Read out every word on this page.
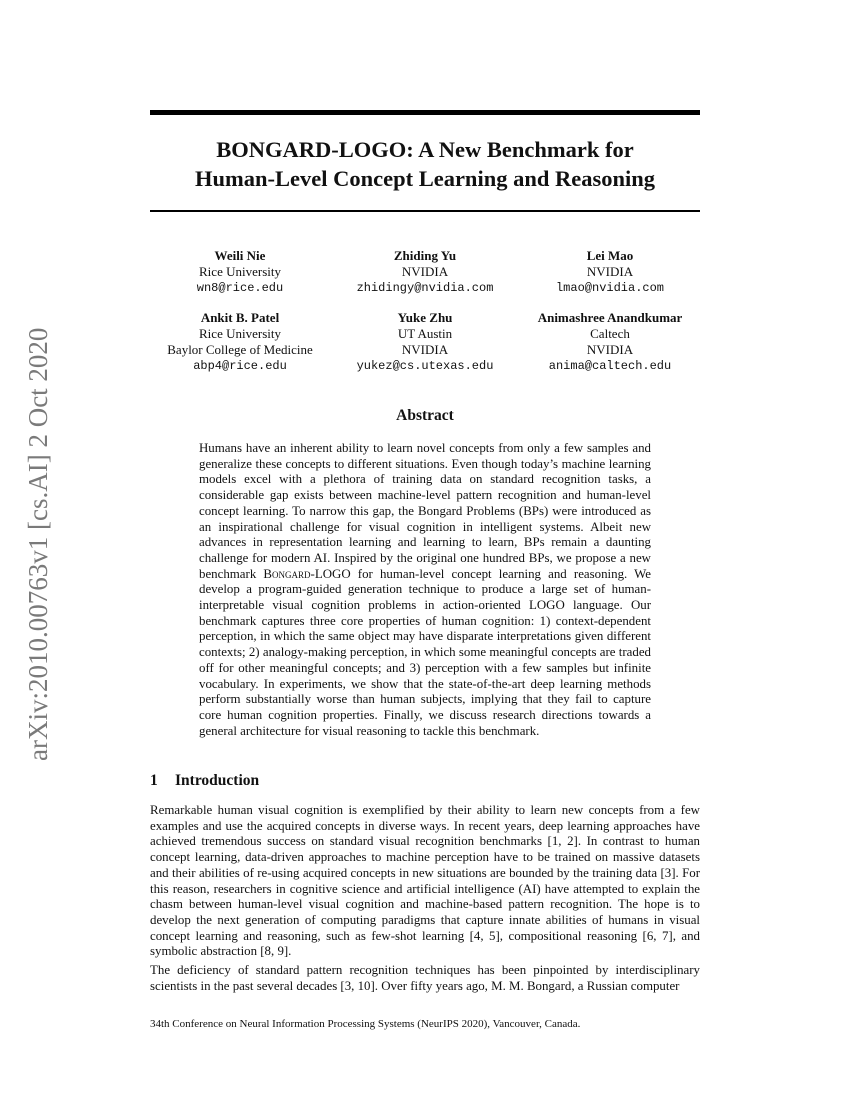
arXiv:2010.00763v1 [cs.AI] 2 Oct 2020
BONGARD-LOGO: A New Benchmark for
Human-Level Concept Learning and Reasoning
Weili Nie
Rice University
wn8@rice.edu
Zhiding Yu
NVIDIA
zhidingy@nvidia.com
Lei Mao
NVIDIA
lmao@nvidia.com
Ankit B. Patel
Rice University
Baylor College of Medicine
abp4@rice.edu
Yuke Zhu
UT Austin
NVIDIA
yukez@cs.utexas.edu
Animashree Anandkumar
Caltech
NVIDIA
anima@caltech.edu
Abstract
Humans have an inherent ability to learn novel concepts from only a few samples and generalize these concepts to different situations. Even though today’s machine learning models excel with a plethora of training data on standard recognition tasks, a considerable gap exists between machine-level pattern recognition and human-level concept learning. To narrow this gap, the Bongard Problems (BPs) were introduced as an inspirational challenge for visual cognition in intelligent systems. Albeit new advances in representation learning and learning to learn, BPs remain a daunting challenge for modern AI. Inspired by the original one hundred BPs, we propose a new benchmark Bongard-LOGO for human-level concept learning and reasoning. We develop a program-guided generation technique to produce a large set of human-interpretable visual cognition problems in action-oriented LOGO language. Our benchmark captures three core properties of human cognition: 1) context-dependent perception, in which the same object may have disparate interpretations given different contexts; 2) analogy-making perception, in which some meaningful concepts are traded off for other meaningful concepts; and 3) perception with a few samples but infinite vocabulary. In experiments, we show that the state-of-the-art deep learning methods perform substantially worse than human subjects, implying that they fail to capture core human cognition properties. Finally, we discuss research directions towards a general architecture for visual reasoning to tackle this benchmark.
1 Introduction
Remarkable human visual cognition is exemplified by their ability to learn new concepts from a few examples and use the acquired concepts in diverse ways. In recent years, deep learning approaches have achieved tremendous success on standard visual recognition benchmarks [1, 2]. In contrast to human concept learning, data-driven approaches to machine perception have to be trained on massive datasets and their abilities of re-using acquired concepts in new situations are bounded by the training data [3]. For this reason, researchers in cognitive science and artificial intelligence (AI) have attempted to explain the chasm between human-level visual cognition and machine-based pattern recognition. The hope is to develop the next generation of computing paradigms that capture innate abilities of humans in visual concept learning and reasoning, such as few-shot learning [4, 5], compositional reasoning [6, 7], and symbolic abstraction [8, 9].
The deficiency of standard pattern recognition techniques has been pinpointed by interdisciplinary scientists in the past several decades [3, 10]. Over fifty years ago, M. M. Bongard, a Russian computer
34th Conference on Neural Information Processing Systems (NeurIPS 2020), Vancouver, Canada.
